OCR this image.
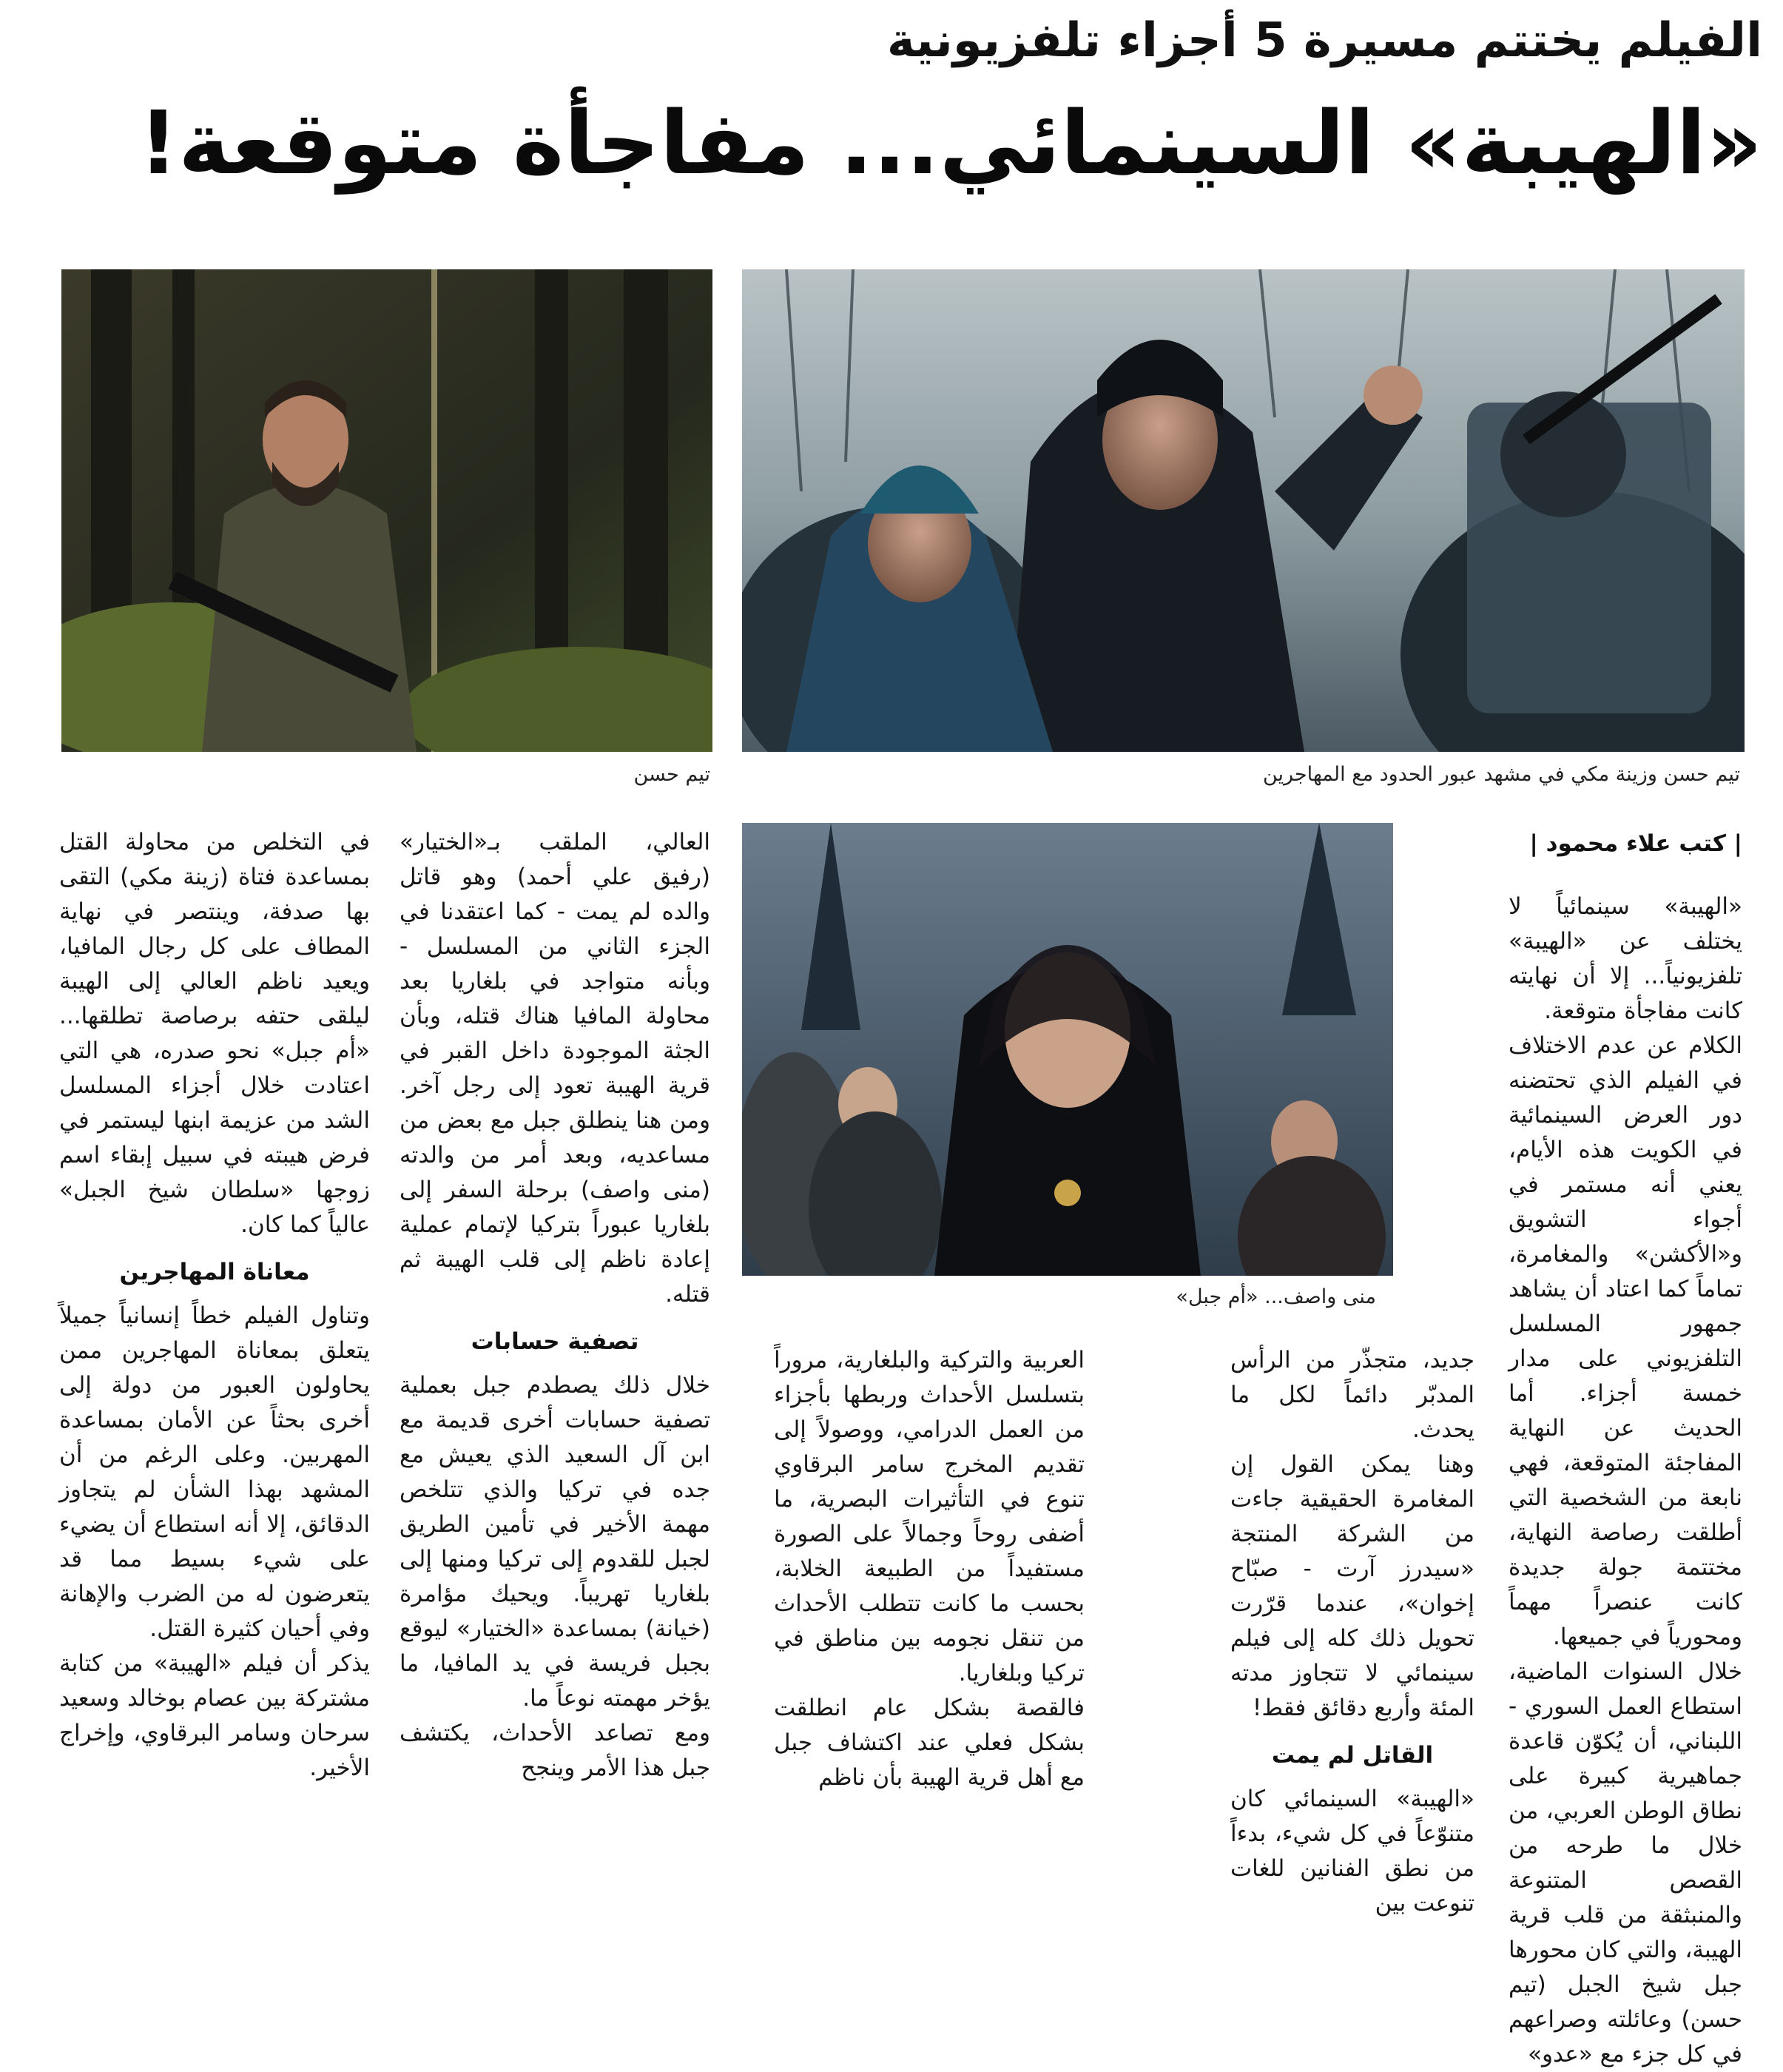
الفيلم يختتم مسيرة 5 أجزاء تلفزيونية
«الهيبة» السينمائي... مفاجأة متوقعة!
تيم حسن وزينة مكي في مشهد عبور الحدود مع المهاجرين
تيم حسن
| كتب علاء محمود |
منى واصف... «أم جبل»

«الهيبة» سينمائياً لا يختلف عن «الهيبة» تلفزيونياً... إلا أن نهايته كانت مفاجأة متوقعة.

الكلام عن عدم الاختلاف في الفيلم الذي تحتضنه دور العرض السينمائية في الكويت هذه الأيام، يعني أنه مستمر في أجواء التشويق و«الأكشن» والمغامرة، تماماً كما اعتاد أن يشاهد جمهور المسلسل التلفزيوني على مدار خمسة أجزاء. أما الحديث عن النهاية المفاجئة المتوقعة، فهي نابعة من الشخصية التي أطلقت رصاصة النهاية، مختتمة جولة جديدة كانت عنصراً مهماً ومحورياً في جميعها.

خلال السنوات الماضية، استطاع العمل السوري - اللبناني، أن يُكوّن قاعدة جماهيرية كبيرة على نطاق الوطن العربي، من خلال ما طرحه من القصص المتنوعة والمنبثقة من قلب قرية الهيبة، والتي كان محورها جبل شيخ الجبل (تيم حسن) وعائلته وصراعهم في كل جزء مع «عدو»

جديد، متجذّر من الرأس المدبّر دائماً لكل ما يحدث.

وهنا يمكن القول إن المغامرة الحقيقية جاءت من الشركة المنتجة «سيدرز آرت - صبّاح إخوان»، عندما قرّرت تحويل ذلك كله إلى فيلم سينمائي لا تتجاوز مدته المئة وأربع دقائق فقط!

القاتل لم يمت

«الهيبة» السينمائي كان متنوّعاً في كل شيء، بدءاً من نطق الفنانين للغات تنوعت بين

العربية والتركية والبلغارية، مروراً بتسلسل الأحداث وربطها بأجزاء من العمل الدرامي، ووصولاً إلى تقديم المخرج سامر البرقاوي تنوع في التأثيرات البصرية، ما أضفى روحاً وجمالاً على الصورة مستفيداً من الطبيعة الخلابة، بحسب ما كانت تتطلب الأحداث من تنقل نجومه بين مناطق في تركيا وبلغاريا.

فالقصة بشكل عام انطلقت بشكل فعلي عند اكتشاف جبل مع أهل قرية الهيبة بأن ناظم

العالي، الملقب بـ«الختيار» (رفيق علي أحمد) وهو قاتل والده لم يمت - كما اعتقدنا في الجزء الثاني من المسلسل - وبأنه متواجد في بلغاريا بعد محاولة المافيا هناك قتله، وبأن الجثة الموجودة داخل القبر في قرية الهيبة تعود إلى رجل آخر. ومن هنا ينطلق جبل مع بعض من مساعديه، وبعد أمر من والدته (منى واصف) برحلة السفر إلى بلغاريا عبوراً بتركيا لإتمام عملية إعادة ناظم إلى قلب الهيبة ثم قتله.

تصفية حسابات

خلال ذلك يصطدم جبل بعملية تصفية حسابات أخرى قديمة مع ابن آل السعيد الذي يعيش مع جده في تركيا والذي تتلخص مهمة الأخير في تأمين الطريق لجبل للقدوم إلى تركيا ومنها إلى بلغاريا تهريباً. ويحيك مؤامرة (خيانة) بمساعدة «الختيار» ليوقع بجبل فريسة في يد المافيا، ما يؤخر مهمته نوعاً ما.

ومع تصاعد الأحداث، يكتشف جبل هذا الأمر وينجح

في التخلص من محاولة القتل بمساعدة فتاة (زينة مكي) التقى بها صدفة، وينتصر في نهاية المطاف على كل رجال المافيا، ويعيد ناظم العالي إلى الهيبة ليلقى حتفه برصاصة تطلقها... «أم جبل» نحو صدره، هي التي اعتادت خلال أجزاء المسلسل الشد من عزيمة ابنها ليستمر في فرض هيبته في سبيل إبقاء اسم زوجها «سلطان شيخ الجبل» عالياً كما كان.

معاناة المهاجرين

وتناول الفيلم خطاً إنسانياً جميلاً يتعلق بمعاناة المهاجرين ممن يحاولون العبور من دولة إلى أخرى بحثاً عن الأمان بمساعدة المهربين. وعلى الرغم من أن المشهد بهذا الشأن لم يتجاوز الدقائق، إلا أنه استطاع أن يضيء على شيء بسيط مما قد يتعرضون له من الضرب والإهانة وفي أحيان كثيرة القتل.

يذكر أن فيلم «الهيبة» من كتابة مشتركة بين عصام بوخالد وسعيد سرحان وسامر البرقاوي، وإخراج الأخير.
